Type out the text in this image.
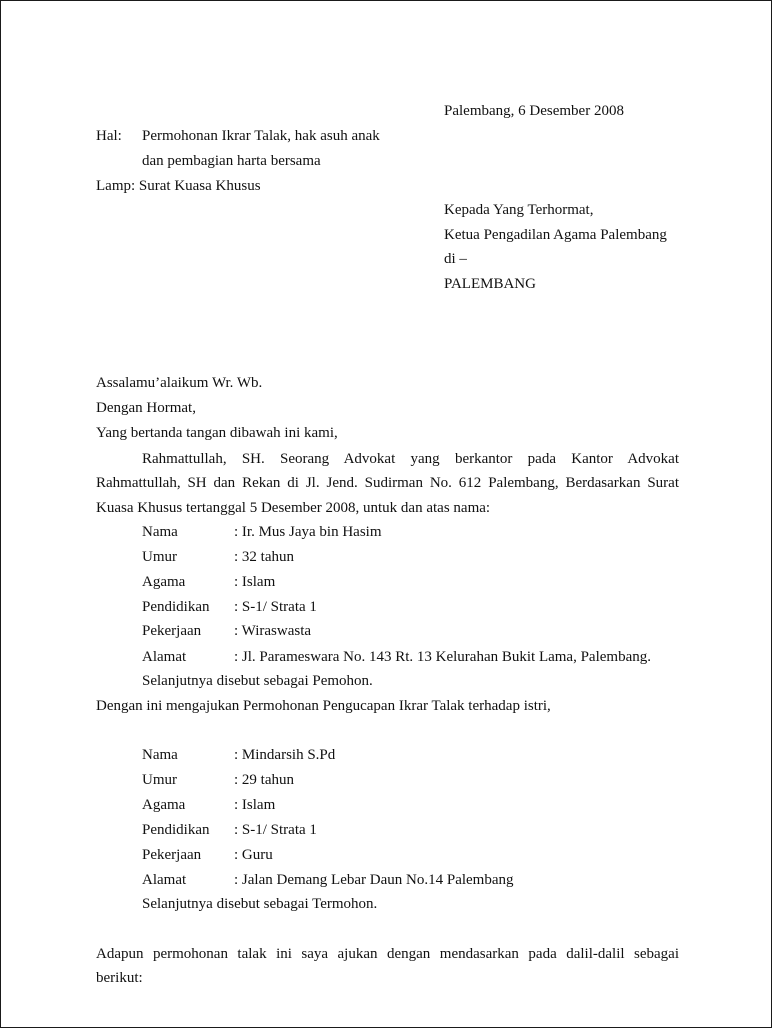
Palembang, 6 Desember 2008
Hal: Permohonan Ikrar Talak, hak asuh anak
dan pembagian harta bersama
Lamp: Surat Kuasa Khusus
Kepada Yang Terhormat,
Ketua Pengadilan Agama Palembang
di –
PALEMBANG
Assalamu’alaikum Wr. Wb.
Dengan Hormat,
Yang bertanda tangan dibawah ini kami,
Rahmattullah, SH. Seorang Advokat yang berkantor pada Kantor Advokat
Rahmattullah, SH dan Rekan di Jl. Jend. Sudirman No. 612 Palembang, Berdasarkan Surat
Kuasa Khusus tertanggal 5 Desember 2008, untuk dan atas nama:
Nama	: Ir. Mus Jaya bin Hasim
Umur	: 32 tahun
Agama	: Islam
Pendidikan : S-1/ Strata 1
Pekerjaan : Wiraswasta
Alamat	: Jl. Parameswara No. 143 Rt. 13 Kelurahan Bukit Lama, Palembang.
Selanjutnya disebut sebagai Pemohon.
Dengan ini mengajukan Permohonan Pengucapan Ikrar Talak terhadap istri,
Nama	: Mindarsih S.Pd
Umur	: 29 tahun
Agama	: Islam
Pendidikan : S-1/ Strata 1
Pekerjaan : Guru
Alamat	: Jalan Demang Lebar Daun No.14 Palembang
Selanjutnya disebut sebagai Termohon.
Adapun permohonan talak ini saya ajukan dengan mendasarkan pada dalil-dalil sebagai
berikut:
